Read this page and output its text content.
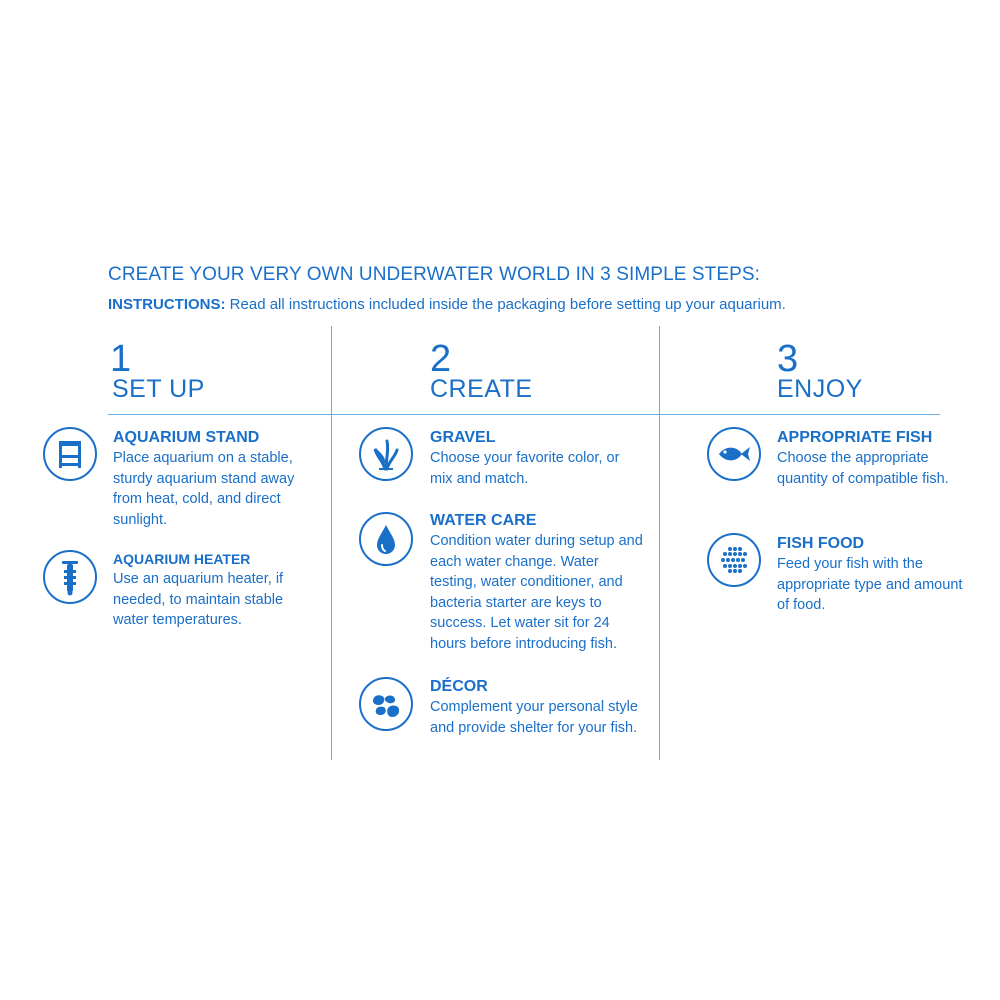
CREATE YOUR VERY OWN UNDERWATER WORLD IN 3 SIMPLE STEPS:
INSTRUCTIONS: Read all instructions included inside the packaging before setting up your aquarium.
1
SET UP
2
CREATE
3
ENJOY
AQUARIUM STAND
Place aquarium on a stable, sturdy aquarium stand away from heat, cold, and direct sunlight.
AQUARIUM HEATER
Use an aquarium heater, if needed, to maintain stable water temperatures.
GRAVEL
Choose your favorite color, or mix and match.
WATER CARE
Condition water during setup and each water change. Water testing, water conditioner, and bacteria starter are keys to success. Let water sit for 24 hours before introducing fish.
DÉCOR
Complement your personal style and provide shelter for your fish.
APPROPRIATE FISH
Choose the appropriate quantity of compatible fish.
FISH FOOD
Feed your fish with the appropriate type and amount of food.
